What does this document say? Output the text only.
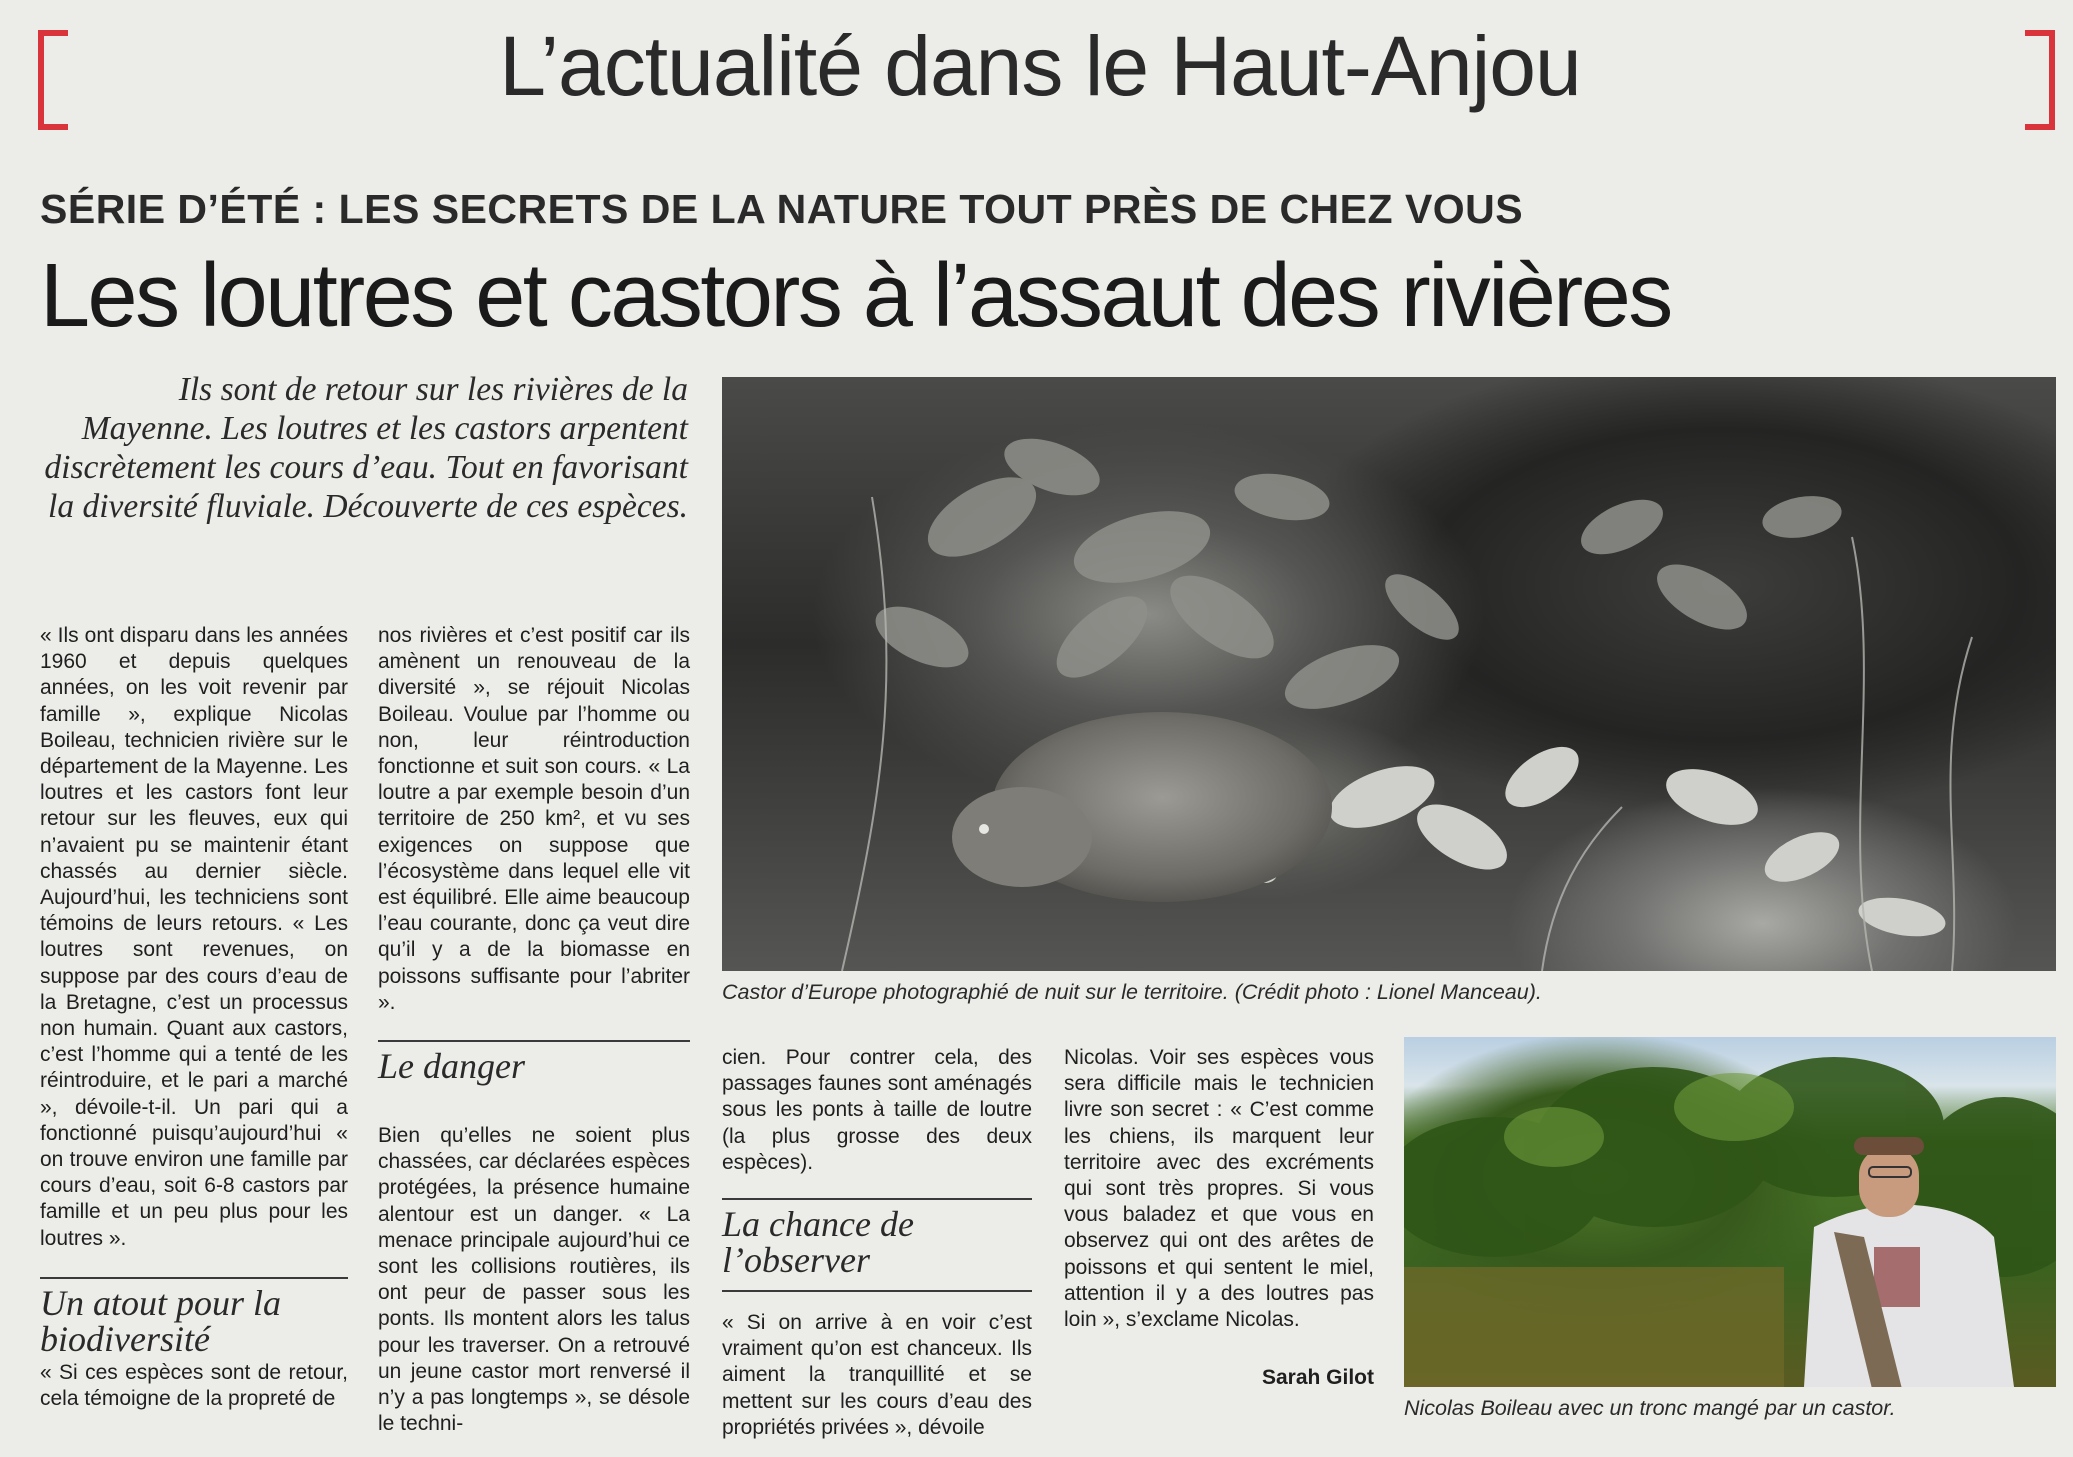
L’actualité dans le Haut-Anjou
SÉRIE D’ÉTÉ : LES SECRETS DE LA NATURE TOUT PRÈS DE CHEZ VOUS
Les loutres et castors à l’assaut des rivières

Ils sont de retour sur les rivières de la Mayenne. Les loutres et les castors arpentent discrètement les cours d’eau. Tout en favorisant la diversité fluviale. Découverte de ces espèces.

« Ils ont disparu dans les années 1960 et depuis quelques années, on les voit revenir par famille », explique Nicolas Boileau, technicien rivière sur le département de la Mayenne. Les loutres et les castors font leur retour sur les fleuves, eux qui n’avaient pu se maintenir étant chassés au dernier siècle. Aujourd’hui, les techniciens sont témoins de leurs retours. « Les loutres sont revenues, on suppose par des cours d’eau de la Bretagne, c’est un processus non humain. Quant aux castors, c’est l’homme qui a tenté de les réintroduire, et le pari a marché », dévoile-t-il. Un pari qui a fonctionné puisqu’aujourd’hui « on trouve environ une famille par cours d’eau, soit 6-8 castors par famille et un peu plus pour les loutres ».

Un atout pour la biodiversité

« Si ces espèces sont de retour, cela témoigne de la propreté de

nos rivières et c’est positif car ils amènent un renouveau de la diversité », se réjouit Nicolas Boileau. Voulue par l’homme ou non, leur réintroduction fonctionne et suit son cours. « La loutre a par exemple besoin d’un territoire de 250 km², et vu ses exigences on suppose que l’écosystème dans lequel elle vit est équilibré. Elle aime beaucoup l’eau courante, donc ça veut dire qu’il y a de la biomasse en poissons suffisante pour l’abriter ».

Le danger

Bien qu’elles ne soient plus chassées, car déclarées espèces protégées, la présence humaine alentour est un danger. « La menace principale aujourd’hui ce sont les collisions routières, ils ont peur de passer sous les ponts. Ils montent alors les talus pour les traverser. On a retrouvé un jeune castor mort renversé il n’y a pas longtemps », se désole le techni-

Castor d’Europe photographié de nuit sur le territoire. (Crédit photo : Lionel Manceau).

cien. Pour contrer cela, des passages faunes sont aménagés sous les ponts à taille de loutre (la plus grosse des deux espèces).

La chance de l’observer

« Si on arrive à en voir c’est vraiment qu’on est chanceux. Ils aiment la tranquillité et se mettent sur les cours d’eau des propriétés privées », dévoile

Nicolas. Voir ses espèces vous sera difficile mais le technicien livre son secret : « C’est comme les chiens, ils marquent leur territoire avec des excréments qui sont très propres. Si vous vous baladez et que vous en observez qui ont des arêtes de poissons et qui sentent le miel, attention il y a des loutres pas loin », s’exclame Nicolas.

Sarah Gilot
Nicolas Boileau avec un tronc mangé par un castor.
